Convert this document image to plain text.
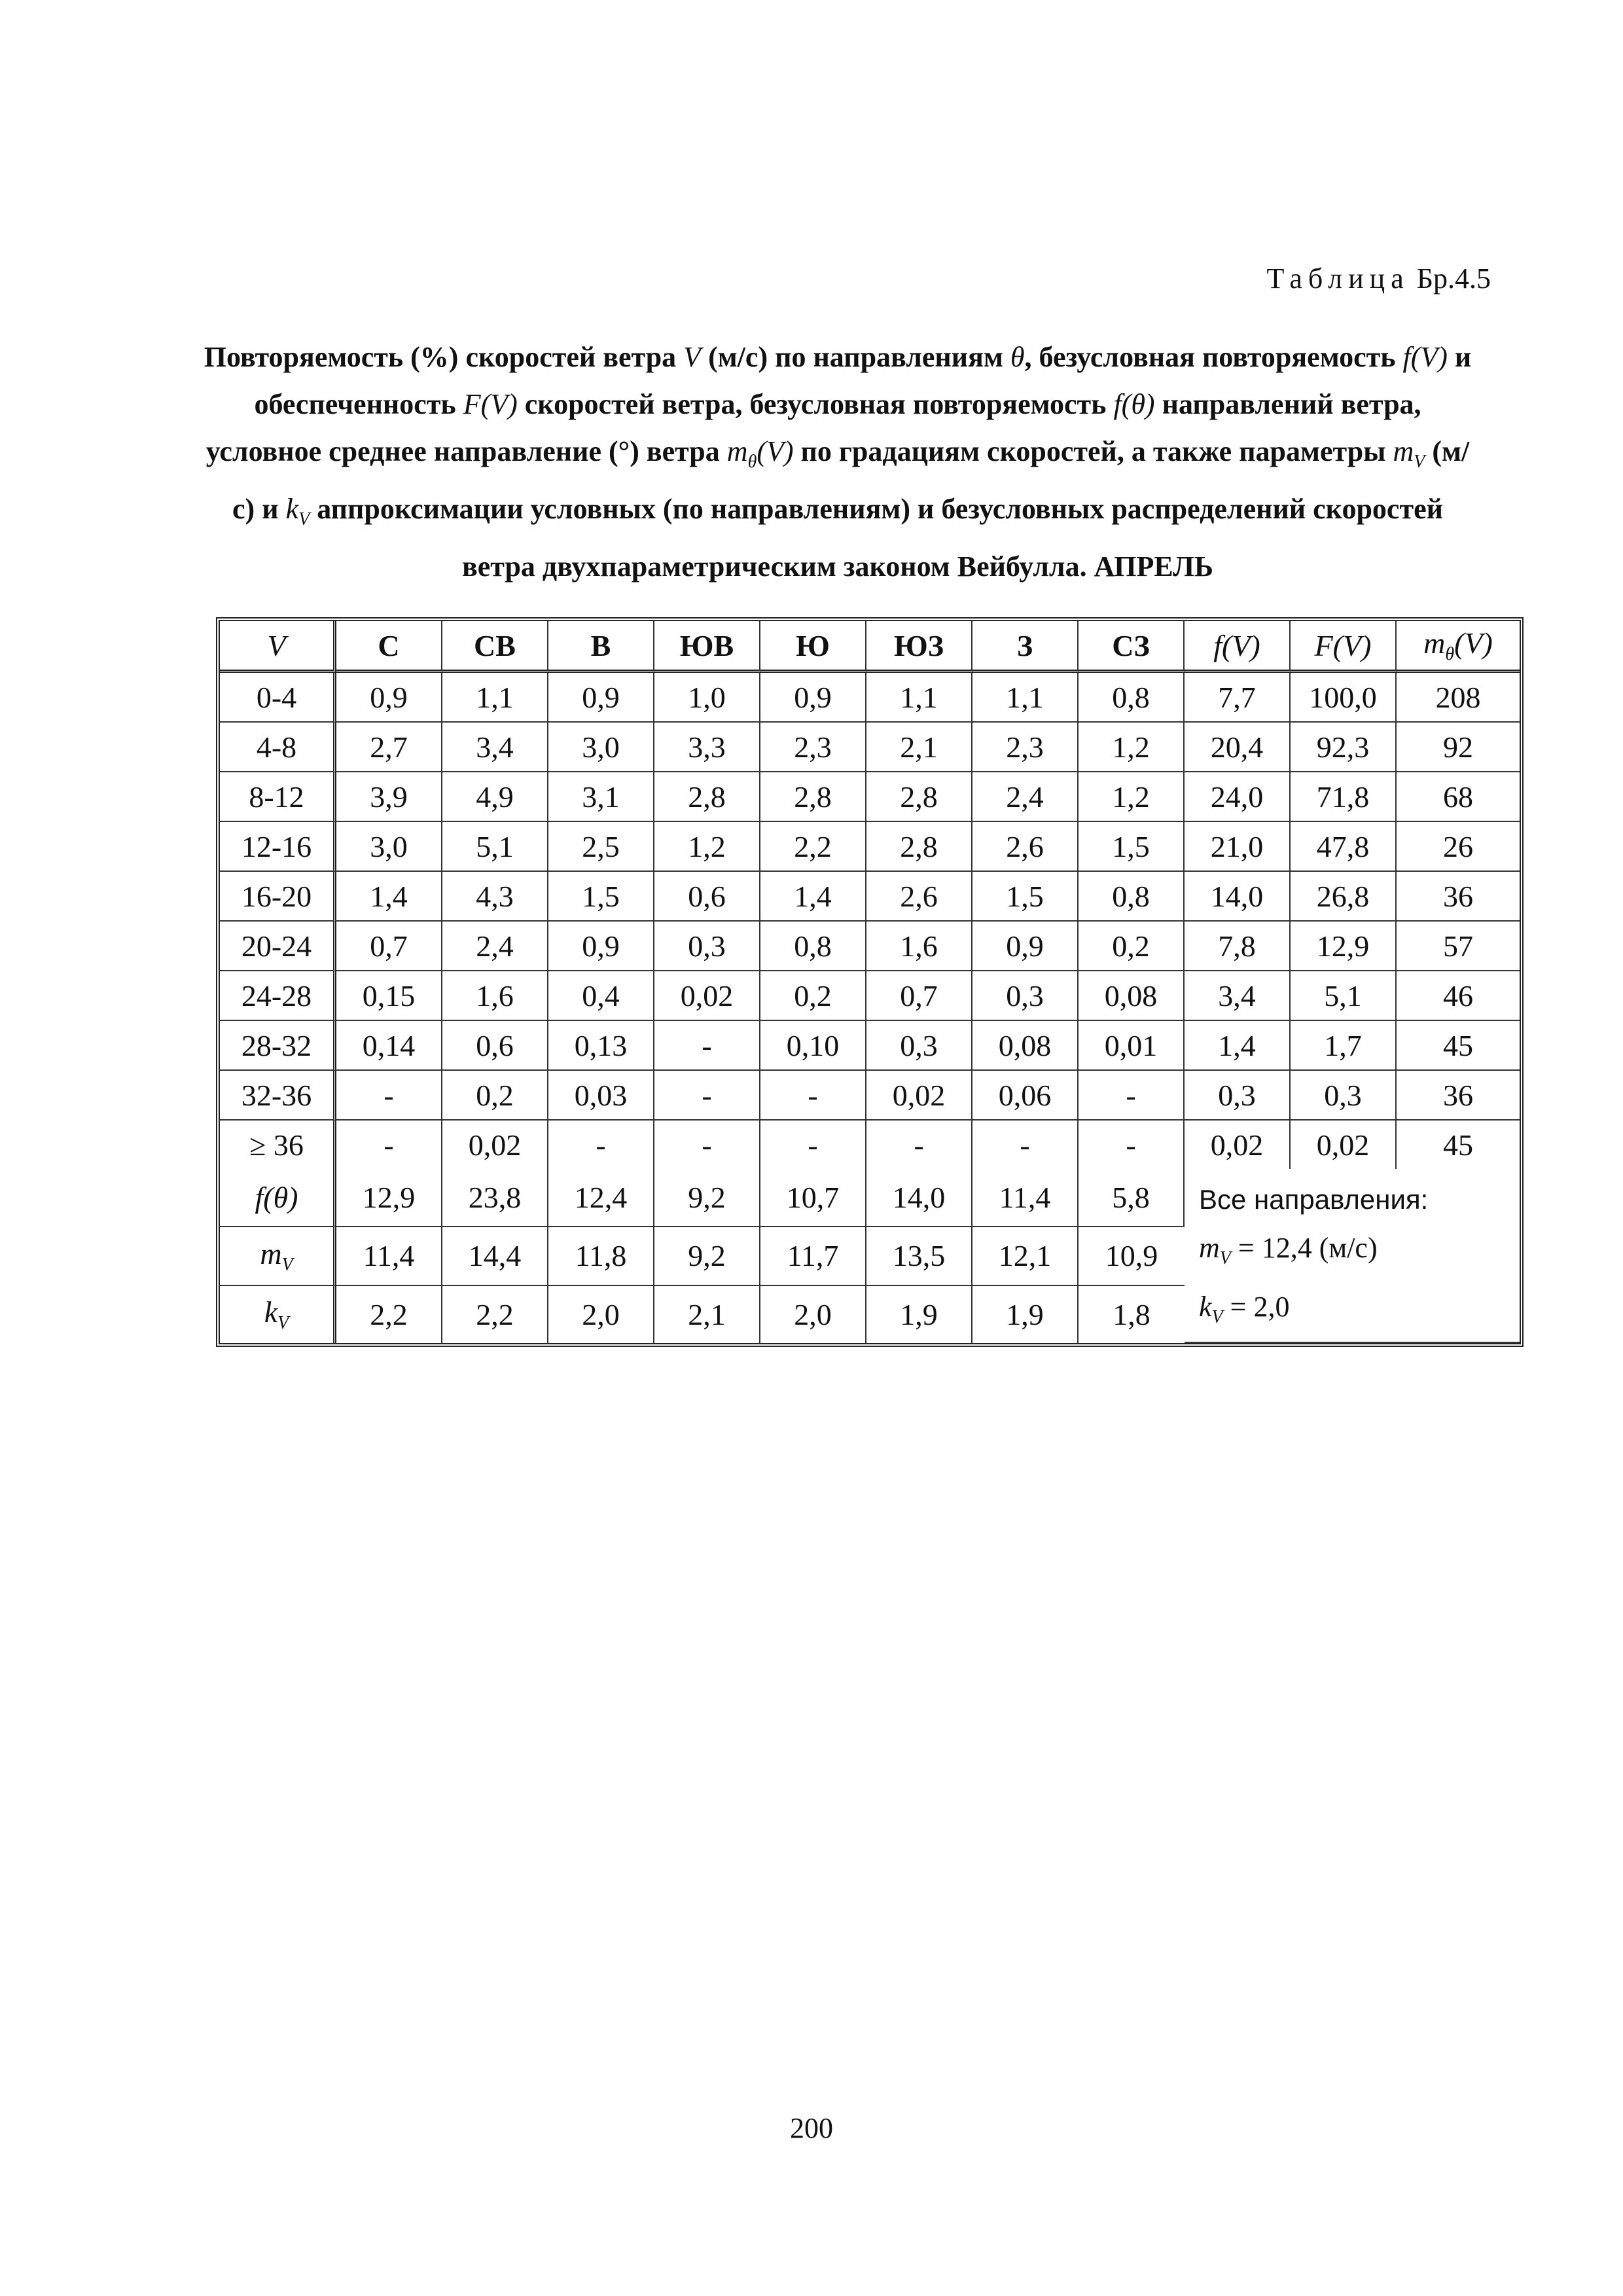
Таблица Бр.4.5
Повторяемость (%) скоростей ветра V (м/с) по направлениям θ, безусловная повторяемость f(V) и обеспеченность F(V) скоростей ветра, безусловная повторяемость f(θ) направлений ветра, условное среднее направление (°) ветра $m_\theta(V)$ по градациям скоростей, а также параметры $m_V$ (м/с) и $k_V$ аппроксимации условных (по направлениям) и безусловных распределений скоростей ветра двухпараметрическим законом Вейбулла. АПРЕЛЬ
V	С	СВ	В	ЮВ	Ю	ЮЗ	З	СЗ	f(V)	F(V)	$m_\theta(V)$
0-4	0,9	1,1	0,9	1,0	0,9	1,1	1,1	0,8	7,7	100,0	208
4-8	2,7	3,4	3,0	3,3	2,3	2,1	2,3	1,2	20,4	92,3	92
8-12	3,9	4,9	3,1	2,8	2,8	2,8	2,4	1,2	24,0	71,8	68
12-16	3,0	5,1	2,5	1,2	2,2	2,8	2,6	1,5	21,0	47,8	26
16-20	1,4	4,3	1,5	0,6	1,4	2,6	1,5	0,8	14,0	26,8	36
20-24	0,7	2,4	0,9	0,3	0,8	1,6	0,9	0,2	7,8	12,9	57
24-28	0,15	1,6	0,4	0,02	0,2	0,7	0,3	0,08	3,4	5,1	46
28-32	0,14	0,6	0,13	-	0,10	0,3	0,08	0,01	1,4	1,7	45
32-36	-	0,2	0,03	-	-	0,02	0,06	-	0,3	0,3	36
≥ 36	-	0,02	-	-	-	-	-	-	0,02	0,02	45
f(θ)	12,9	23,8	12,4	9,2	10,7	14,0	11,4	5,8	Все направления:
$m_V = 12,4$ (м/с)
$k_V = 2,0$		

$m_V$	11,4	14,4	11,8	9,2	11,7	13,5	12,1	10,9			
$k_V$	2,2	2,2	2,0	2,1	2,0	1,9	1,9	1,8			
200
